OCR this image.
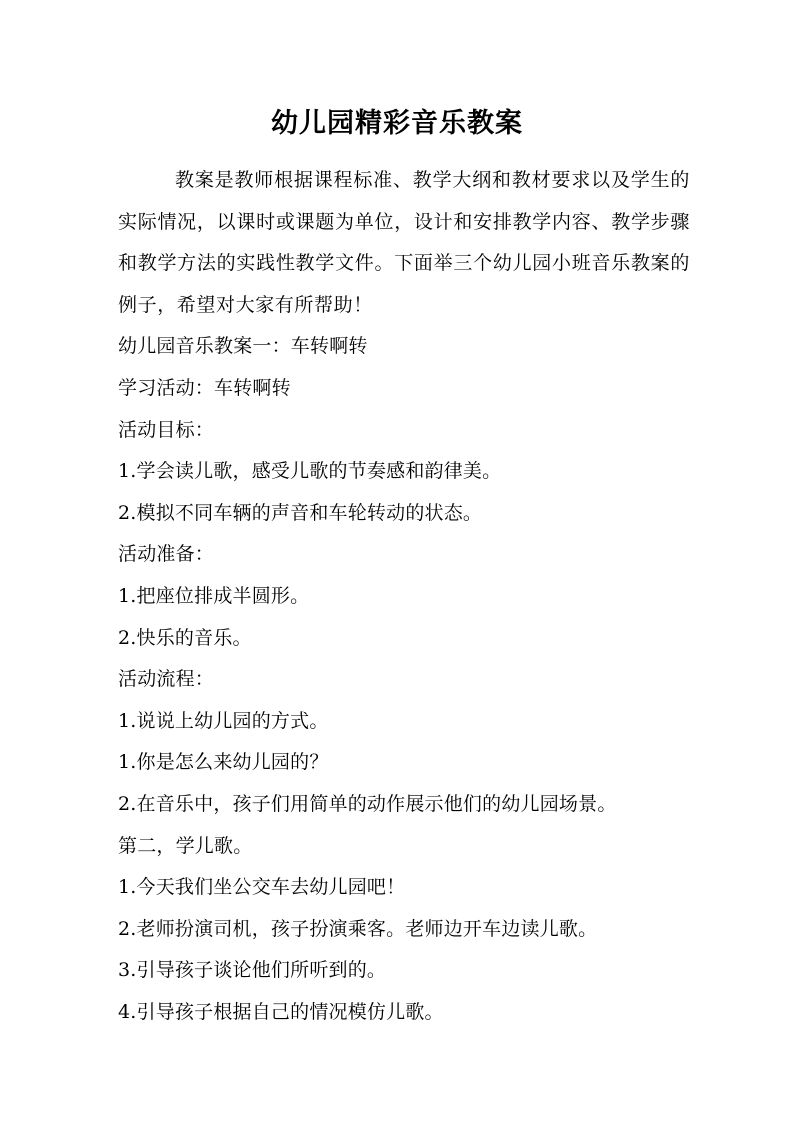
幼儿园精彩音乐教案

教案是教师根据课程标准、教学大纲和教材要求以及学生的实际情况，以课时或课题为单位，设计和安排教学内容、教学步骤和教学方法的实践性教学文件。下面举三个幼儿园小班音乐教案的例子，希望对大家有所帮助！

幼儿园音乐教案一：车转啊转

学习活动：车转啊转

活动目标：

1.学会读儿歌，感受儿歌的节奏感和韵律美。

2.模拟不同车辆的声音和车轮转动的状态。

活动准备：

1.把座位排成半圆形。

2.快乐的音乐。

活动流程：

1.说说上幼儿园的方式。

1.你是怎么来幼儿园的？

2.在音乐中，孩子们用简单的动作展示他们的幼儿园场景。

第二，学儿歌。

1.今天我们坐公交车去幼儿园吧！

2.老师扮演司机，孩子扮演乘客。老师边开车边读儿歌。

3.引导孩子谈论他们所听到的。

4.引导孩子根据自己的情况模仿儿歌。
